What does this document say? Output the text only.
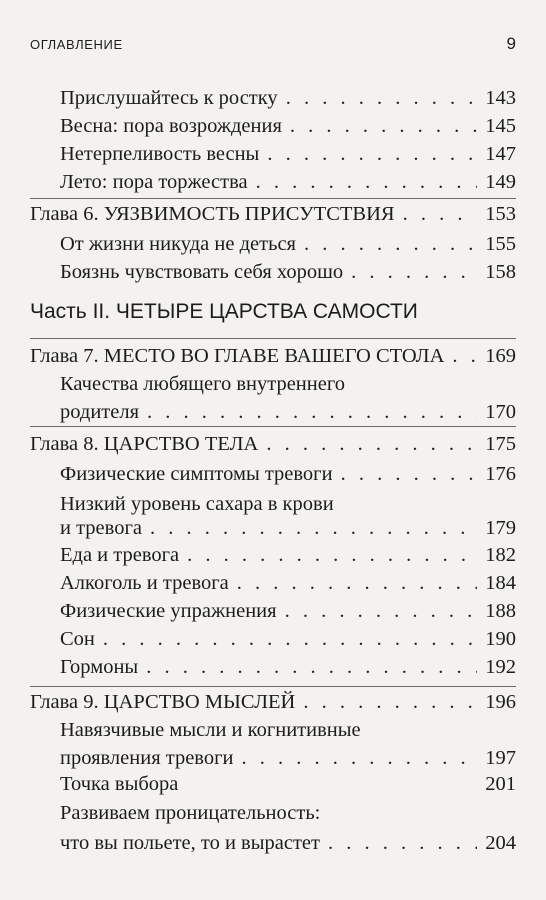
ОГЛАВЛЕНИЕ	9
Часть II. ЧЕТЫРЕ ЦАРСТВА САМОСТИ
Прислушайтесь к ростку . . .	143
Весна: пора возрождения . . .	145
Нетерпеливость весны . . .	147
Лето: пора торжества . . .	149
Глава 6. УЯЗВИМОСТЬ ПРИСУТСТВИЯ . . .	153
От жизни никуда не деться . . .	155
Боязнь чувствовать себя хорошо . . .	158
Глава 7. МЕСТО ВО ГЛАВЕ ВАШЕГО СТОЛА . . . 169
Качества любящего внутреннего
родителя . . .	170
Глава 8. ЦАРСТВО ТЕЛА . . .	175
Физические симптомы тревоги . . .	176
Низкий уровень сахара в крови
и тревога . . .	179
Еда и тревога . . .	182
Алкоголь и тревога . . .	184
Физические упражнения . . .	188
Сон . . .	190
Гормоны . . .	192
Глава 9. ЦАРСТВО МЫСЛЕЙ . . .	196
Навязчивые мысли и когнитивные
проявления тревоги . . .	197
Точка выбора	201
Развиваем проницательность:
что вы польете, то и вырастет . . .	204
